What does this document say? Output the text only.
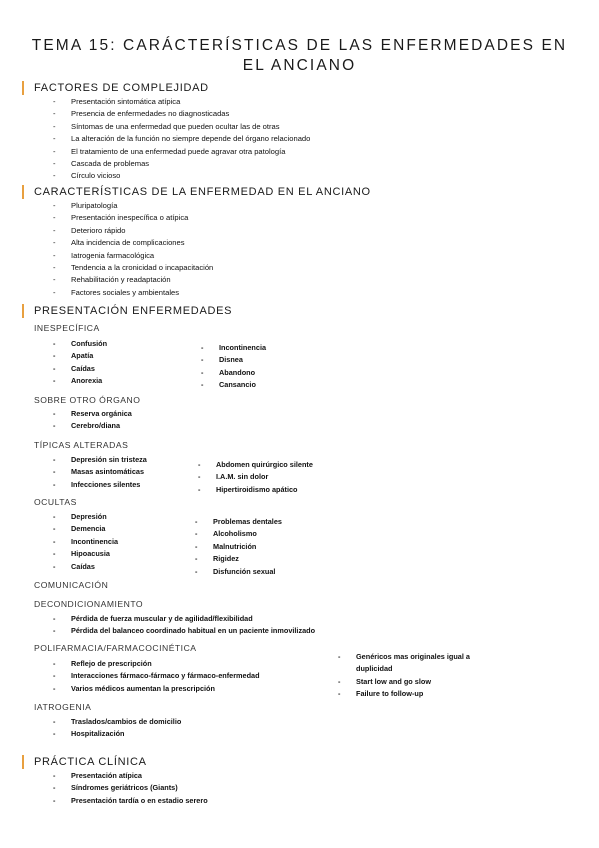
TEMA 15: CARÁCTERÍSTICAS DE LAS ENFERMEDADES EN EL ANCIANO
FACTORES DE COMPLEJIDAD
- Presentación sintomática atípica
- Presencia de enfermedades no diagnosticadas
- Síntomas de una enfermedad que pueden ocultar las de otras
- La alteración de la función no siempre depende del órgano relacionado
- El tratamiento de una enfermedad puede agravar otra patología
- Cascada de problemas
- Círculo vicioso
CARACTERÍSTICAS DE LA ENFERMEDAD EN EL ANCIANO
- Pluripatología
- Presentación inespecífica o atípica
- Deterioro rápido
- Alta incidencia de complicaciones
- Iatrogenia farmacológica
- Tendencia a la cronicidad o incapacitación
- Rehabilitación y readaptación
- Factores sociales y ambientales
PRESENTACIÓN ENFERMEDADES
INESPECÍFICA
- Confusión
- Apatía
- Caídas
- Anorexia
- Incontinencia
- Disnea
- Abandono
- Cansancio
SOBRE OTRO ÓRGANO
- Reserva orgánica
- Cerebro/diana
TÍPICAS ALTERADAS
- Depresión sin tristeza
- Masas asintomáticas
- Infecciones silentes
- Abdomen quirúrgico silente
- I.A.M. sin dolor
- Hipertiroidismo apático
OCULTAS
- Depresión
- Demencia
- Incontinencia
- Hipoacusia
- Caídas
- Problemas dentales
- Alcoholismo
- Malnutrición
- Rigidez
- Disfunción sexual
COMUNICACIÓN
DECONDICIONAMIENTO
- Pérdida de fuerza muscular y de agilidad/flexibilidad
- Pérdida del balanceo coordinado habitual en un paciente inmovilizado
POLIFARMACIA/FARMACOCINÉTICA
- Reflejo de prescripción
- Interacciones fármaco-fármaco y fármaco-enfermedad
- Varios médicos aumentan la prescripción
- Genéricos mas originales igual a duplicidad
- Start low and go slow
- Failure to follow-up
IATROGENIA
- Traslados/cambios de domicilio
- Hospitalización
PRÁCTICA CLÍNICA
- Presentación atípica
- Síndromes geriátricos (Giants)
- Presentación tardía o en estadio serero
